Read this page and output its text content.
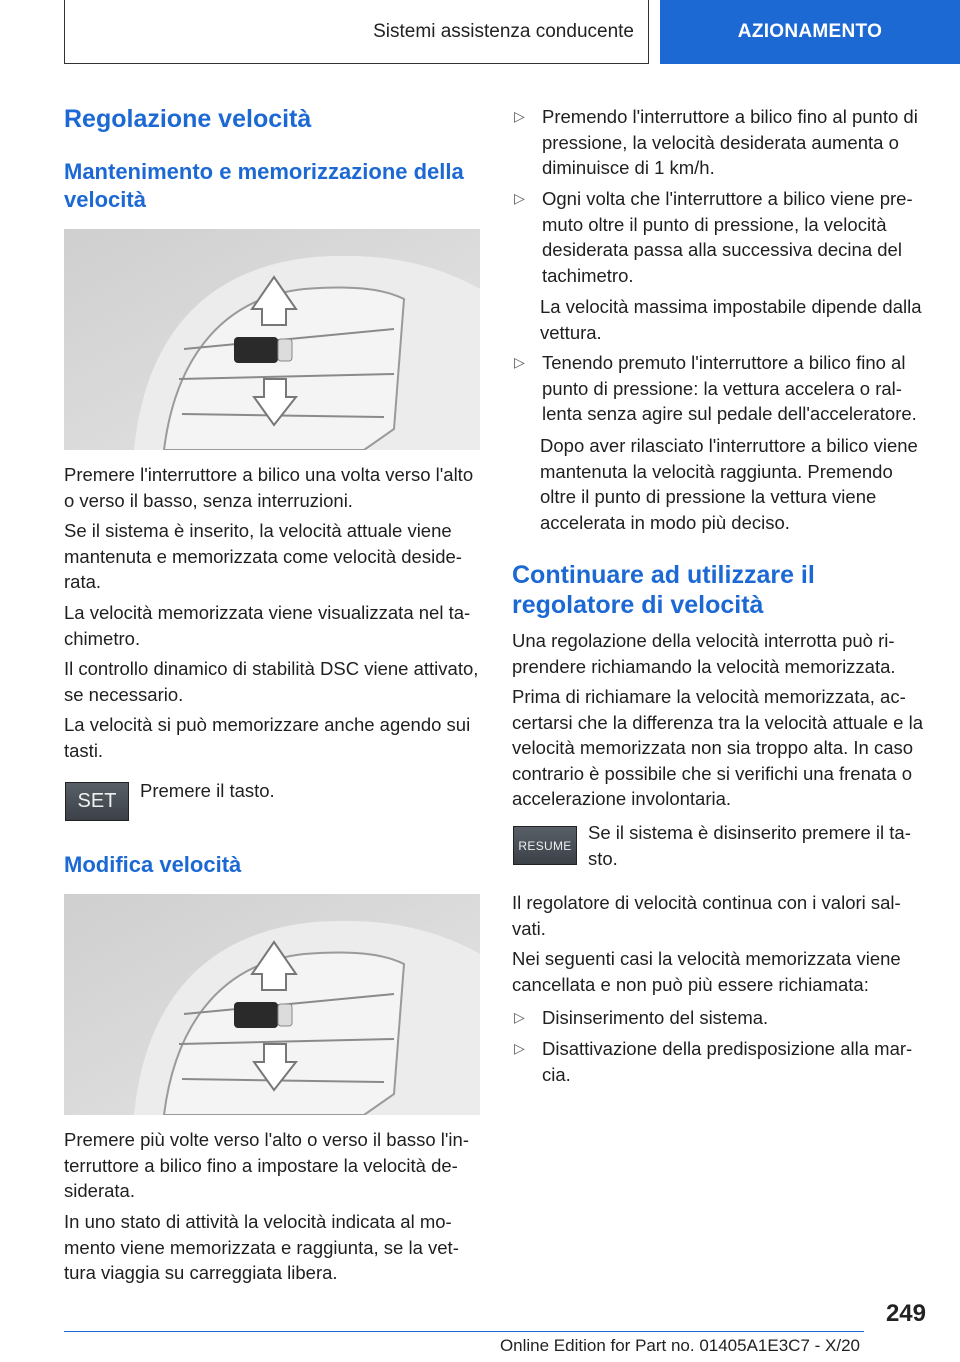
Sistemi assistenza conducente	AZIONAMENTO
Regolazione velocità
Mantenimento e memorizzazione della velocità

Premere l'interruttore a bilico una volta verso l'alto o verso il basso, senza interruzioni.

Se il sistema è inserito, la velocità attuale viene mantenuta e memorizzata come velocità desiderata.

La velocità memorizzata viene visualizzata nel tachimetro.

Il controllo dinamico di stabilità DSC viene attivato, se necessario.

La velocità si può memorizzare anche agendo sui tasti.

SET Premere il tasto.

Modifica velocità

Premere più volte verso l'alto o verso il basso l'interruttore a bilico fino a impostare la velocità desiderata.

In uno stato di attività la velocità indicata al momento viene memorizzata e raggiunta, se la vettura viaggia su carreggiata libera.

▷ Premendo l'interruttore a bilico fino al punto di pressione, la velocità desiderata aumenta o diminuisce di 1 km/h.
▷ Ogni volta che l'interruttore a bilico viene premuto oltre il punto di pressione, la velocità desiderata passa alla successiva decina del tachimetro.

La velocità massima impostabile dipende dalla vettura.

▷ Tenendo premuto l'interruttore a bilico fino al punto di pressione: la vettura accelera o rallenta senza agire sul pedale dell'acceleratore.

Dopo aver rilasciato l'interruttore a bilico viene mantenuta la velocità raggiunta. Premendo oltre il punto di pressione la vettura viene accelerata in modo più deciso.

Continuare ad utilizzare il regolatore di velocità

Una regolazione della velocità interrotta può riprendere richiamando la velocità memorizzata.

Prima di richiamare la velocità memorizzata, accertarsi che la differenza tra la velocità attuale e la velocità memorizzata non sia troppo alta. In caso contrario è possibile che si verifichi una frenata o accelerazione involontaria.

RESUME

Se il sistema è disinserito premere il tasto.

Il regolatore di velocità continua con i valori salvati.

Nei seguenti casi la velocità memorizzata viene cancellata e non può più essere richiamata:

▷ Disinserimento del sistema.
▷ Disattivazione della predisposizione alla marcia.
249
Online Edition for Part no. 01405A1E3C7 - X/20
